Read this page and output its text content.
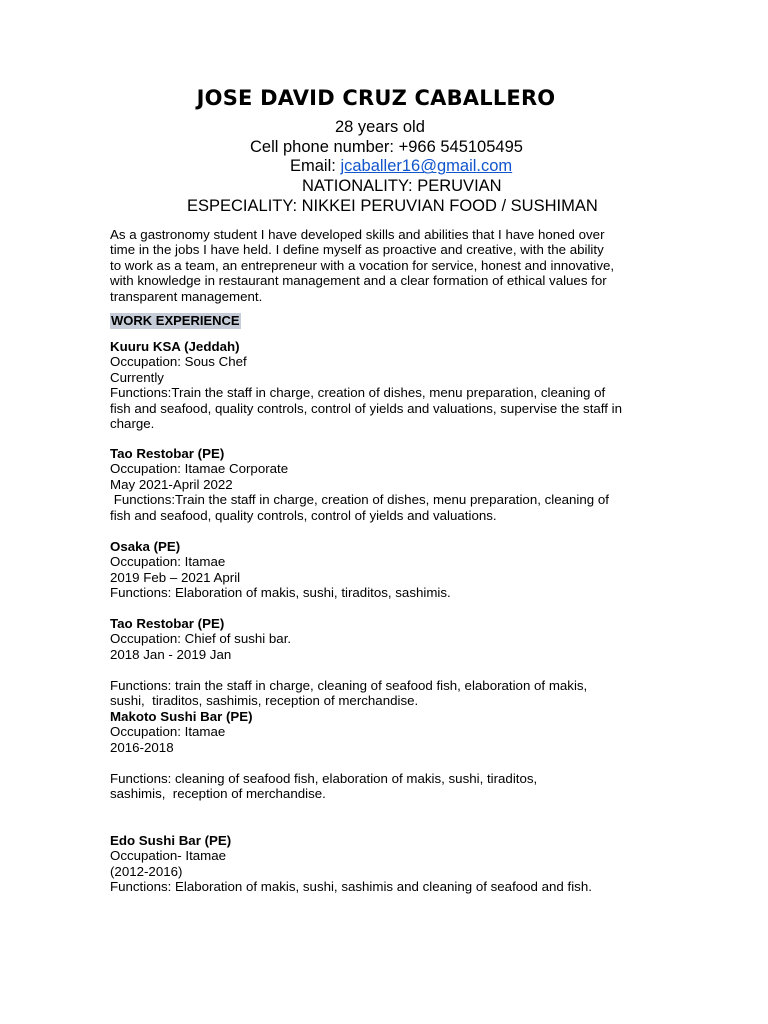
JOSE DAVID CRUZ CABALLERO
28 years old
Cell phone number: +966 545105495
Email: jcaballer16@gmail.com
NATIONALITY: PERUVIAN
ESPECIALITY: NIKKEI PERUVIAN FOOD / SUSHIMAN
As a gastronomy student I have developed skills and abilities that I have honed over
time in the jobs I have held. I define myself as proactive and creative, with the ability
to work as a team, an entrepreneur with a vocation for service, honest and innovative,
with knowledge in restaurant management and a clear formation of ethical values for
transparent management.
WORK EXPERIENCE
Kuuru KSA (Jeddah)
Occupation: Sous Chef
Currently
Functions:Train the staff in charge, creation of dishes, menu preparation, cleaning of
fish and seafood, quality controls, control of yields and valuations, supervise the staff in
charge.
Tao Restobar (PE)
Occupation: Itamae Corporate
May 2021-April 2022
Functions:Train the staff in charge, creation of dishes, menu preparation, cleaning of
fish and seafood, quality controls, control of yields and valuations.
Osaka (PE)
Occupation: Itamae
2019 Feb – 2021 April
Functions: Elaboration of makis, sushi, tiraditos, sashimis.
Tao Restobar (PE)
Occupation: Chief of sushi bar.
2018 Jan - 2019 Jan
Functions: train the staff in charge, cleaning of seafood fish, elaboration of makis,
sushi,  tiraditos, sashimis, reception of merchandise.
Makoto Sushi Bar (PE)
Occupation: Itamae
2016-2018
Functions: cleaning of seafood fish, elaboration of makis, sushi, tiraditos,
sashimis,  reception of merchandise.
Edo Sushi Bar (PE)
Occupation- Itamae
(2012-2016)
Functions: Elaboration of makis, sushi, sashimis and cleaning of seafood and fish.
